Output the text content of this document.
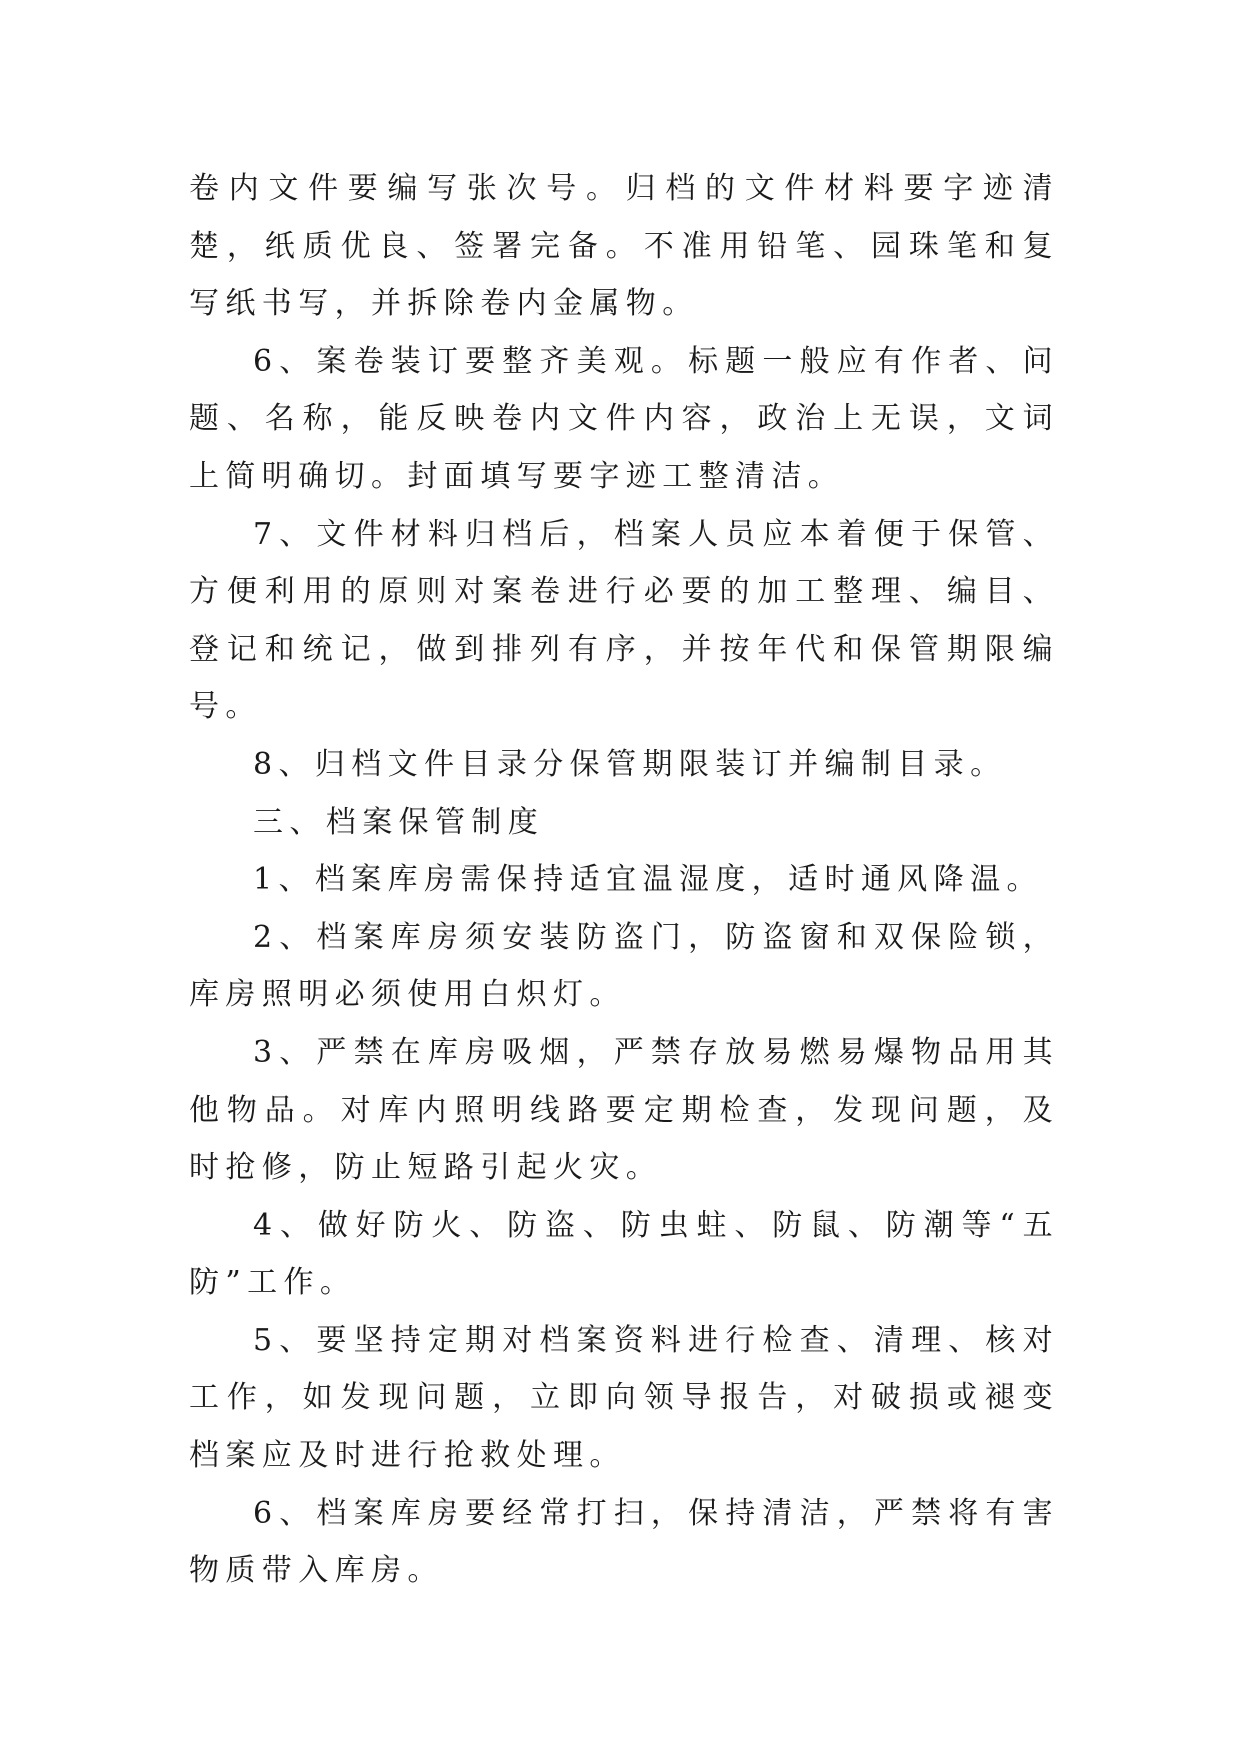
卷内文件要编写张次号。归档的文件材料要字迹清楚，纸质优良、签署完备。不准用铅笔、园珠笔和复写纸书写，并拆除卷内金属物。

6、案卷装订要整齐美观。标题一般应有作者、问题、名称，能反映卷内文件内容，政治上无误，文词上简明确切。封面填写要字迹工整清洁。

7、文件材料归档后，档案人员应本着便于保管、方便利用的原则对案卷进行必要的加工整理、编目、登记和统记，做到排列有序，并按年代和保管期限编号。

8、归档文件目录分保管期限装订并编制目录。

三、档案保管制度

1、档案库房需保持适宜温湿度，适时通风降温。

2、档案库房须安装防盗门，防盗窗和双保险锁，库房照明必须使用白炽灯。

3、严禁在库房吸烟，严禁存放易燃易爆物品用其他物品。对库内照明线路要定期检查，发现问题，及时抢修，防止短路引起火灾。

4、做好防火、防盗、防虫蛀、防鼠、防潮等“五防”工作。

5、要坚持定期对档案资料进行检查、清理、核对工作，如发现问题，立即向领导报告，对破损或褪变档案应及时进行抢救处理。

6、档案库房要经常打扫，保持清洁，严禁将有害物质带入库房。
